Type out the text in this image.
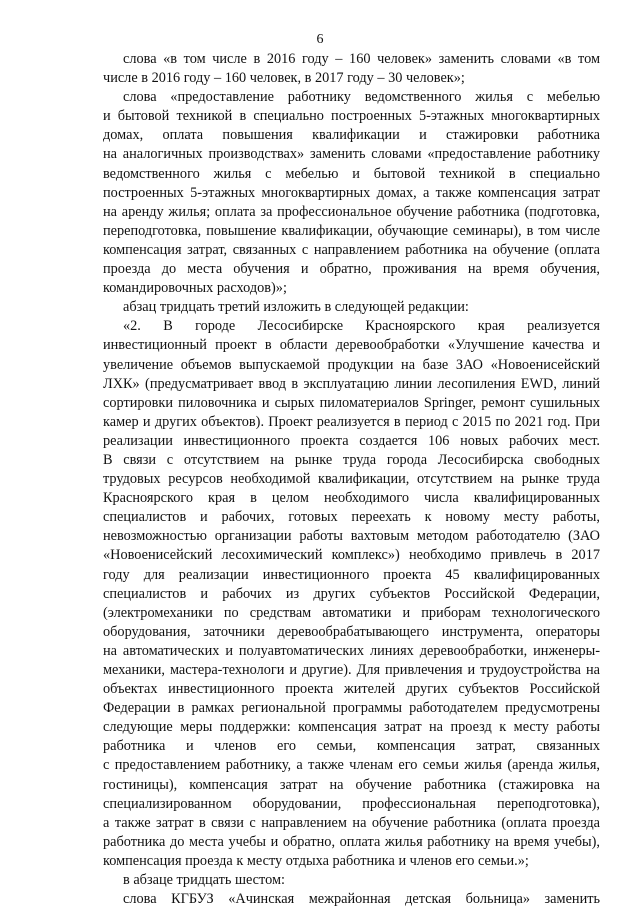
6
слова «в том числе в 2016 году – 160 человек» заменить словами «в том
числе в 2016 году – 160 человек, в 2017 году – 30 человек»;
слова «предоставление работнику ведомственного жилья с мебелью
и бытовой техникой в специально построенных 5-этажных многоквартирных
домах, оплата повышения квалификации и стажировки работника
на аналогичных производствах» заменить словами «предоставление работнику
ведомственного жилья с мебелью и бытовой техникой в специально
построенных 5-этажных многоквартирных домах, а также компенсация затрат
на аренду жилья; оплата за профессиональное обучение работника (подготовка,
переподготовка, повышение квалификации, обучающие семинары), в том числе
компенсация затрат, связанных с направлением работника на обучение (оплата
проезда до места обучения и обратно, проживания на время обучения,
командировочных расходов)»;
абзац тридцать третий изложить в следующей редакции:
«2. В городе Лесосибирске Красноярского края реализуется
инвестиционный проект в области деревообработки «Улучшение качества и
увеличение объемов выпускаемой продукции на базе ЗАО «Новоенисейский
ЛХК» (предусматривает ввод в эксплуатацию линии лесопиления EWD, линий
сортировки пиловочника и сырых пиломатериалов Springer, ремонт сушильных
камер и других объектов). Проект реализуется в период с 2015 по 2021 год. При
реализации инвестиционного проекта создается 106 новых рабочих мест.
В связи с отсутствием на рынке труда города Лесосибирска свободных
трудовых ресурсов необходимой квалификации, отсутствием на рынке труда
Красноярского края в целом необходимого числа квалифицированных
специалистов и рабочих, готовых переехать к новому месту работы,
невозможностью организации работы вахтовым методом работодателю (ЗАО
«Новоенисейский лесохимический комплекс») необходимо привлечь в 2017
году для реализации инвестиционного проекта 45 квалифицированных
специалистов и рабочих из других субъектов Российской Федерации,
(электромеханики по средствам автоматики и приборам технологического
оборудования, заточники деревообрабатывающего инструмента, операторы
на автоматических и полуавтоматических линиях деревообработки, инженеры-
механики, мастера-технологи и другие). Для привлечения и трудоустройства на
объектах инвестиционного проекта жителей других субъектов Российской
Федерации в рамках региональной программы работодателем предусмотрены
следующие меры поддержки: компенсация затрат на проезд к месту работы
работника и членов его семьи, компенсация затрат, связанных
с предоставлением работнику, а также членам его семьи жилья (аренда жилья,
гостиницы), компенсация затрат на обучение работника (стажировка на
специализированном оборудовании, профессиональная переподготовка),
а также затрат в связи с направлением на обучение работника (оплата проезда
работника до места учебы и обратно, оплата жилья работнику на время учебы),
компенсация проезда к месту отдыха работника и членов его семьи.»;
в абзаце тридцать шестом:
слова КГБУЗ «Ачинская межрайонная детская больница» заменить
